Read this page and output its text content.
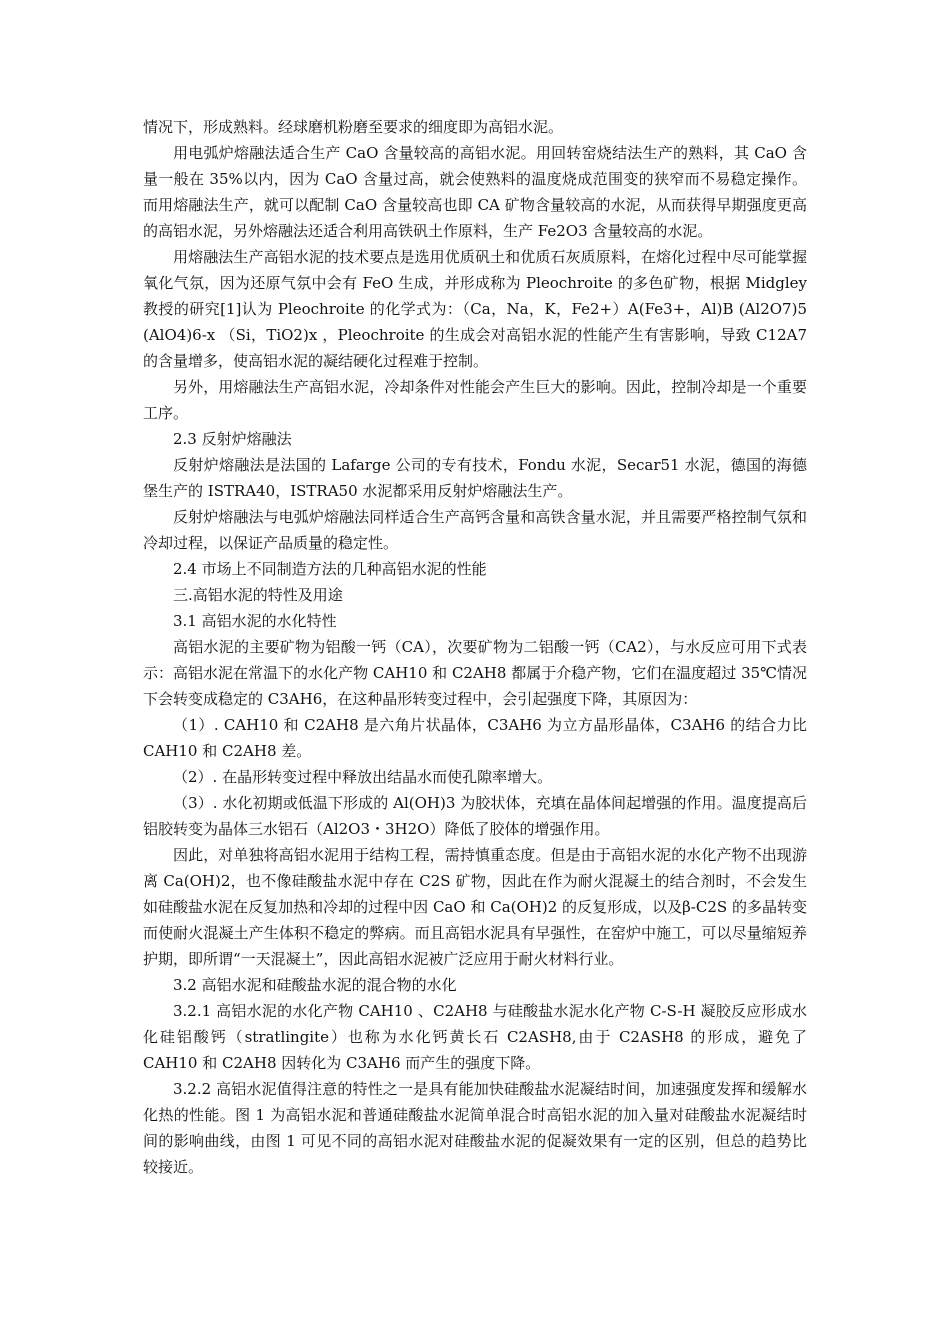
情况下，形成熟料。经球磨机粉磨至要求的细度即为高铝水泥。

用电弧炉熔融法适合生产 CaO 含量较高的高铝水泥。用回转窑烧结法生产的熟料，其 CaO 含量一般在 35%以内，因为 CaO 含量过高，就会使熟料的温度烧成范围变的狭窄而不易稳定操作。而用熔融法生产，就可以配制 CaO 含量较高也即 CA 矿物含量较高的水泥，从而获得早期强度更高的高铝水泥，另外熔融法还适合利用高铁矾土作原料，生产 Fe2O3 含量较高的水泥。

用熔融法生产高铝水泥的技术要点是选用优质矾土和优质石灰质原料，在熔化过程中尽可能掌握氧化气氛，因为还原气氛中会有 FeO 生成，并形成称为 Pleochroite 的多色矿物，根据 Midgley 教授的研究[1]认为 Pleochroite 的化学式为：（Ca，Na，K，Fe2+）A(Fe3+，Al)B (Al2O7)5 (AlO4)6-x （Si，TiO2)x ，Pleochroite 的生成会对高铝水泥的性能产生有害影响，导致 C12A7 的含量增多，使高铝水泥的凝结硬化过程难于控制。

另外，用熔融法生产高铝水泥，冷却条件对性能会产生巨大的影响。因此，控制冷却是一个重要工序。

2.3 反射炉熔融法

反射炉熔融法是法国的 Lafarge 公司的专有技术，Fondu 水泥，Secar51 水泥，德国的海德堡生产的 ISTRA40，ISTRA50 水泥都采用反射炉熔融法生产。

反射炉熔融法与电弧炉熔融法同样适合生产高钙含量和高铁含量水泥，并且需要严格控制气氛和冷却过程，以保证产品质量的稳定性。

2.4 市场上不同制造方法的几种高铝水泥的性能

三.高铝水泥的特性及用途

3.1 高铝水泥的水化特性

高铝水泥的主要矿物为铝酸一钙（CA），次要矿物为二铝酸一钙（CA2），与水反应可用下式表示：高铝水泥在常温下的水化产物 CAH10 和 C2AH8 都属于介稳产物，它们在温度超过 35℃情况下会转变成稳定的 C3AH6，在这种晶形转变过程中，会引起强度下降，其原因为：

（1）. CAH10 和 C2AH8 是六角片状晶体，C3AH6 为立方晶形晶体，C3AH6 的结合力比 CAH10 和 C2AH8 差。

（2）. 在晶形转变过程中释放出结晶水而使孔隙率增大。

（3）. 水化初期或低温下形成的 Al(OH)3 为胶状体，充填在晶体间起增强的作用。温度提高后铝胶转变为晶体三水铝石（Al2O3・3H2O）降低了胶体的增强作用。

因此，对单独将高铝水泥用于结构工程，需持慎重态度。但是由于高铝水泥的水化产物不出现游离 Ca(OH)2，也不像硅酸盐水泥中存在 C2S 矿物，因此在作为耐火混凝土的结合剂时，不会发生如硅酸盐水泥在反复加热和冷却的过程中因 CaO 和 Ca(OH)2 的反复形成，以及β-C2S 的多晶转变而使耐火混凝土产生体积不稳定的弊病。而且高铝水泥具有早强性，在窑炉中施工，可以尽量缩短养护期，即所谓“一天混凝土”，因此高铝水泥被广泛应用于耐火材料行业。

3.2 高铝水泥和硅酸盐水泥的混合物的水化

3.2.1 高铝水泥的水化产物 CAH10 、C2AH8 与硅酸盐水泥水化产物 C-S-H 凝胶反应形成水化硅铝酸钙（stratlingite）也称为水化钙黄长石 C2ASH8,由于 C2ASH8 的形成，避免了 CAH10 和 C2AH8 因转化为 C3AH6 而产生的强度下降。

3.2.2 高铝水泥值得注意的特性之一是具有能加快硅酸盐水泥凝结时间，加速强度发挥和缓解水化热的性能。图 1 为高铝水泥和普通硅酸盐水泥简单混合时高铝水泥的加入量对硅酸盐水泥凝结时间的影响曲线，由图 1 可见不同的高铝水泥对硅酸盐水泥的促凝效果有一定的区别，但总的趋势比较接近。
